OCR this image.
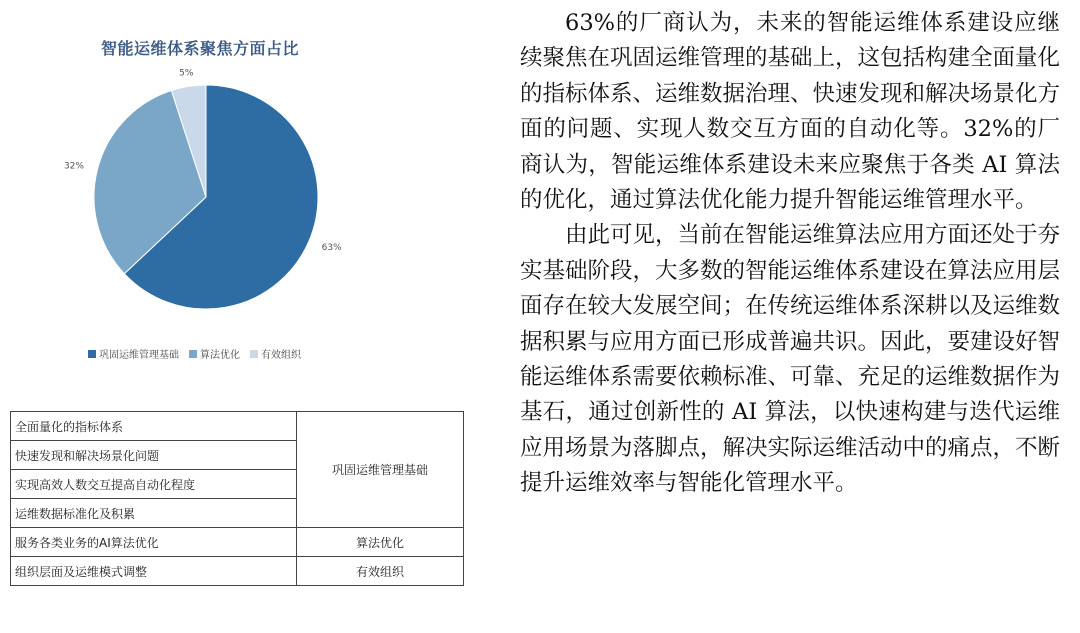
智能运维体系聚焦方面占比
63%
32%
5%
巩固运维管理基础 算法优化 有效组织
全面量化的指标体系	巩固运维管理基础
快速发现和解决场景化问题	
实现高效人数交互提高自动化程度	
运维数据标准化及积累	
服务各类业务的AI算法优化	算法优化
组织层面及运维模式调整	有效组织

63%的厂商认为，未来的智能运维体系建设应继续聚焦在巩固运维管理的基础上，这包括构建全面量化的指标体系、运维数据治理、快速发现和解决场景化方面的问题、实现人数交互方面的自动化等。32%的厂商认为，智能运维体系建设未来应聚焦于各类 AI 算法的优化，通过算法优化能力提升智能运维管理水平。

由此可见，当前在智能运维算法应用方面还处于夯实基础阶段，大多数的智能运维体系建设在算法应用层面存在较大发展空间；在传统运维体系深耕以及运维数据积累与应用方面已形成普遍共识。因此，要建设好智能运维体系需要依赖标准、可靠、充足的运维数据作为基石，通过创新性的 AI 算法，以快速构建与迭代运维应用场景为落脚点，解决实际运维活动中的痛点，不断提升运维效率与智能化管理水平。
